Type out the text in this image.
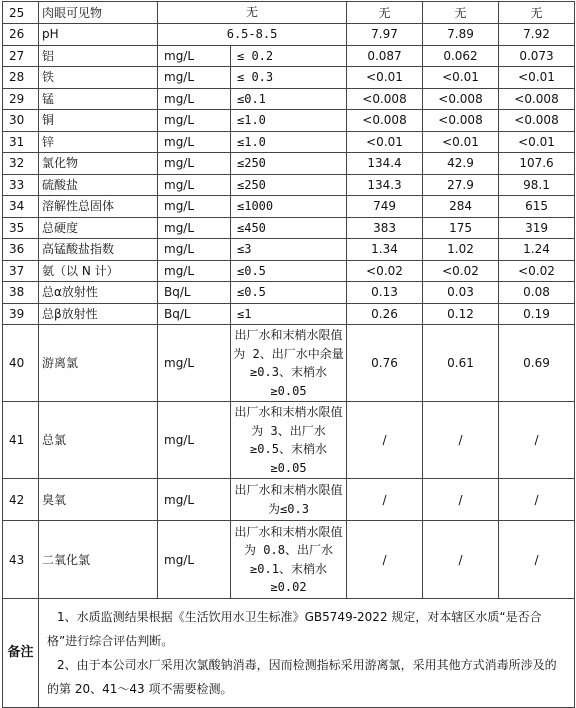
25	肉眼可见物	无		无	无	无
26	pH	6.5-8.5		7.97	7.89	7.92
27	铝	mg/L	≤ 0.2	0.087	0.062	0.073
28	铁	mg/L	≤ 0.3	<0.01	<0.01	<0.01
29	锰	mg/L	≤0.1	<0.008	<0.008	<0.008
30	铜	mg/L	≤1.0	<0.008	<0.008	<0.008
31	锌	mg/L	≤1.0	<0.01	<0.01	<0.01
32	氯化物	mg/L	≤250	134.4	42.9	107.6
33	硫酸盐	mg/L	≤250	134.3	27.9	98.1
34	溶解性总固体	mg/L	≤1000	749	284	615
35	总硬度	mg/L	≤450	383	175	319
36	高锰酸盐指数	mg/L	≤3	1.34	1.02	1.24
37	氨（以 N 计）	mg/L	≤0.5	<0.02	<0.02	<0.02
38	总α放射性	Bq/L	≤0.5	0.13	0.03	0.08
39	总β放射性	Bq/L	≤1	0.26	0.12	0.19
40	游离氯	mg/L	出厂水和末梢水限值为 2、出厂水中余量≥0.3、末梢水≥0.05	0.76	0.61	0.69
41	总氯	mg/L	出厂水和末梢水限值为 3、出厂水≥0.5、末梢水≥0.05	/	/	/
42	臭氧	mg/L	出厂水和末梢水限值为≤0.3	/	/	/
43	二氧化氯	mg/L	出厂水和末梢水限值为 0.8、出厂水≥0.1、末梢水≥0.02	/	/	/
备注	1、水质监测结果根据《生活饮用水卫生标准》GB5749-2022 规定，对本辖区水质“是否合格”进行综合评估判断。
2、由于本公司水厂采用次氯酸钠消毒，因而检测指标采用游离氯，采用其他方式消毒所涉及的的第 20、41～43 项不需要检测。					
